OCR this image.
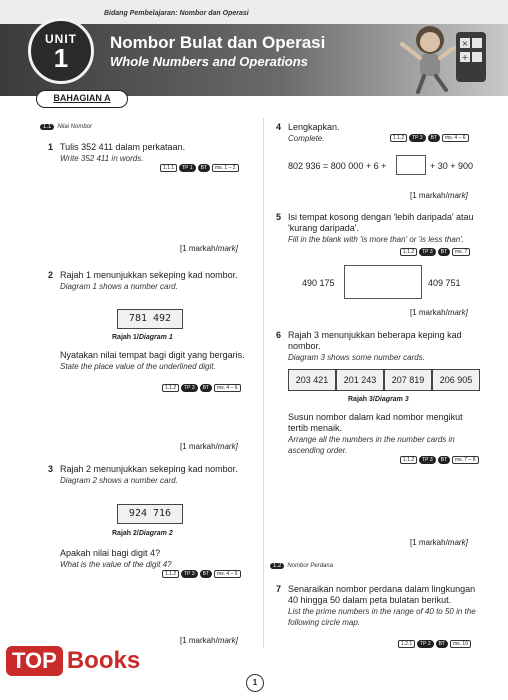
Bidang Pembelajaran: Nombor dan Operasi
UNIT
1
Nombor Bulat dan Operasi
Whole Numbers and Operations
×
+
BAHAGIAN A
1.1 Nilai Nombor
1 Tulis 352 411 dalam perkataan.
Write 352 411 in words.
1.1.1 TP 1 BT ms. 1 – 2
[1 markah/mark]
2 Rajah 1 menunjukkan sekeping kad nombor.
Diagram 1 shows a number card.
781 492
Rajah 1/Diagram 1
Nyatakan nilai tempat bagi digit yang bergaris.
State the place value of the underlined digit.
1.1.2 TP 3 BT ms. 4 – 6
[1 markah/mark]
3 Rajah 2 menunjukkan sekeping kad nombor.
Diagram 2 shows a number card.
924 716
Rajah 2/Diagram 2
Apakah nilai bagi digit 4?
What is the value of the digit 4?
1.1.2 TP 3 BT ms. 4 – 6
[1 markah/mark]
4 Lengkapkan.
Complete.	1.1.2 TP 3 BT ms. 4 – 6
802 936 = 800 000 + 6 +	+ 30 + 900
[1 markah/mark]
5 Isi tempat kosong dengan 'lebih daripada' atau 'kurang daripada'.
Fill in the blank with 'is more than' or 'is less than'.
1.1.2 TP 3 BT ms. 7
490 175	409 751
[1 markah/mark]
6 Rajah 3 menunjukkan beberapa keping kad nombor.
Diagram 3 shows some number cards.
203 421	201 243	207 819	206 905
Rajah 3/Diagram 3
Susun nombor dalam kad nombor mengikut tertib menaik.
Arrange all the numbers in the number cards in ascending order.
1.1.2 TP 3 BT ms. 7 – 8
[1 markah/mark]
1.2 Nombor Perdana
7 Senaraikan nombor perdana dalam lingkungan 40 hingga 50 dalam peta bulatan berikut.
List the prime numbers in the range of 40 to 50 in the following circle map.
1.2.1 TP 2 BT ms. 10
TOP Books
1
